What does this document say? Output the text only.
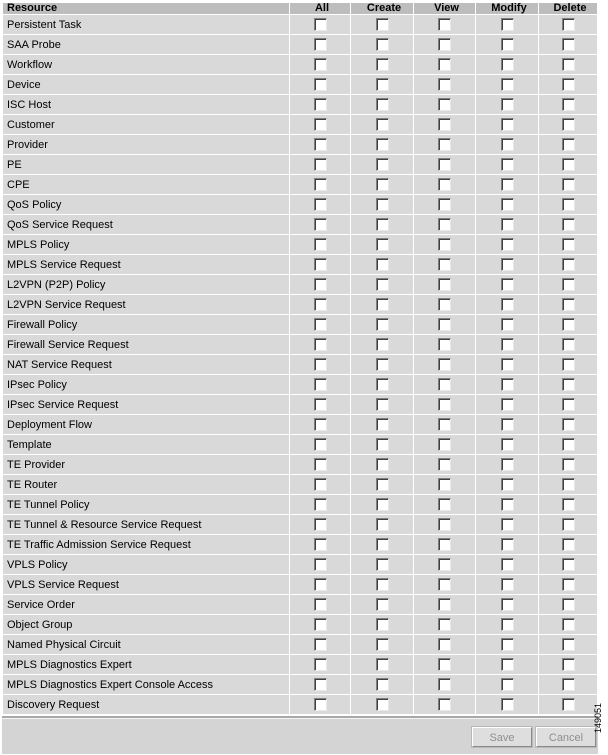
Resource	All	Create	View	Modify	Delete
Persistent Task					
SAA Probe					
Workflow					
Device					
ISC Host					
Customer					
Provider					
PE					
CPE					
QoS Policy					
QoS Service Request					
MPLS Policy					
MPLS Service Request					
L2VPN (P2P) Policy					
L2VPN Service Request					
Firewall Policy					
Firewall Service Request					
NAT Service Request					
IPsec Policy					
IPsec Service Request					
Deployment Flow					
Template					
TE Provider					
TE Router					
TE Tunnel Policy					
TE Tunnel & Resource Service Request					
TE Traffic Admission Service Request					
VPLS Policy					
VPLS Service Request					
Service Order					
Object Group					
Named Physical Circuit					
MPLS Diagnostics Expert					
MPLS Diagnostics Expert Console Access					
Discovery Request					
Save	Cancel
149051
